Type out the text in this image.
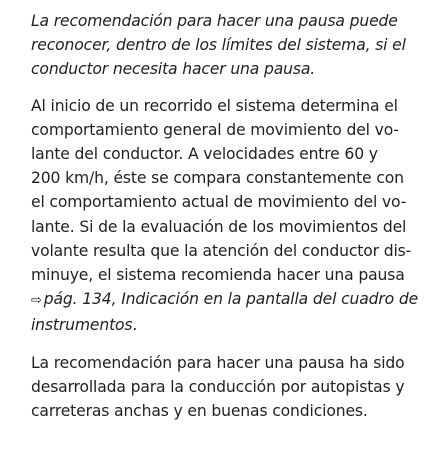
La recomendación para hacer una pausa puede reconocer, dentro de los límites del sistema, si el conductor necesita hacer una pausa.

Al inicio de un recorrido el sistema determina el
comportamiento general de movimiento del vo-
lante del conductor. A velocidades entre 60 y
200 km/h, éste se compara constantemente con
el comportamiento actual de movimiento del vo-
lante. Si de la evaluación de los movimientos del
volante resulta que la atención del conductor dis-
minuye, el sistema recomienda hacer una pausa
⇨ pág. 134, Indicación en la pantalla del cuadro de instrumentos.

La recomendación para hacer una pausa ha sido desarrollada para la conducción por autopistas y carreteras anchas y en buenas condiciones.
